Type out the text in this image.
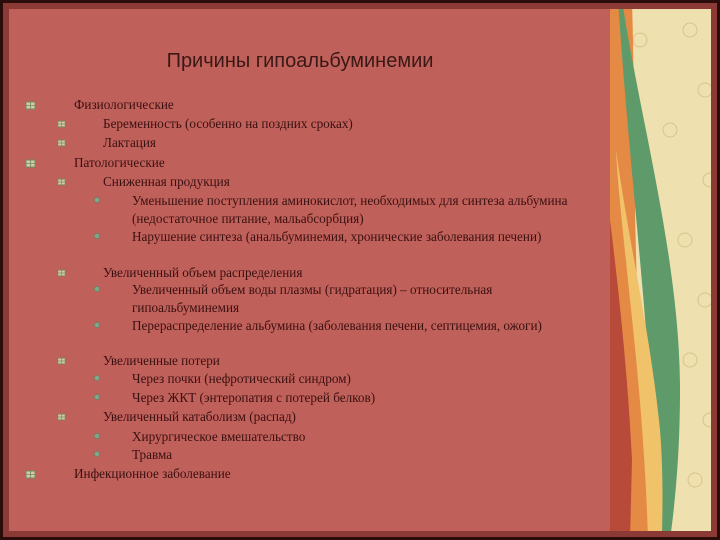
Причины гипоальбуминемии
Физиологические
Беременность (особенно на поздних сроках)
Лактация
Патологические
Сниженная продукция
Уменьшение поступления аминокислот, необходимых для синтеза альбумина (недостаточное питание, мальабсорбция)
Нарушение синтеза (анальбуминемия, хронические заболевания печени)
Увеличенный объем распределения
Увеличенный объем воды плазмы (гидратация) – относительная гипоальбуминемия
Перераспределение альбумина (заболевания печени, септицемия, ожоги)
Увеличенные потери
Через почки (нефротический синдром)
Через ЖКТ (энтеропатия с потерей белков)
Увеличенный катаболизм (распад)
Хирургическое вмешательство
Травма
Инфекционное заболевание
